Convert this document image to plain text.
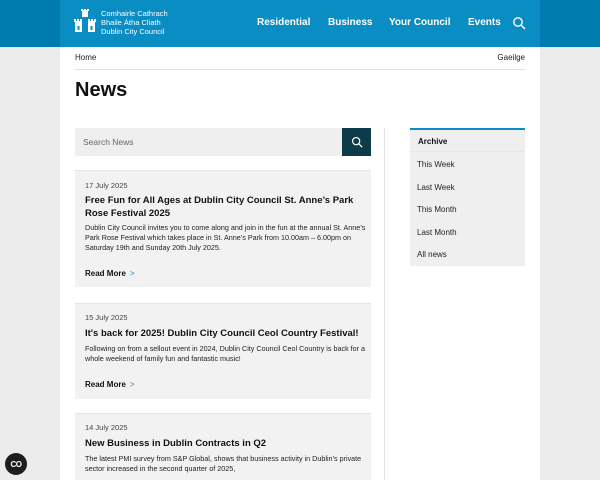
Comhairle Cathrach
Bhaile Átha Cliath
Dublin City Council
Residential Business Your Council Events
Home	Gaeilge
News
Search News
17 July 2025
Free Fun for All Ages at Dublin City Council St. Anne’s Park Rose Festival 2025
Dublin City Council invites you to come along and join in the fun at the annual St. Anne’s Park Rose Festival which takes place in St. Anne’s Park from 10.00am – 6.00pm on Saturday 19th and Sunday 20th July 2025.
Read More >
15 July 2025
It's back for 2025! Dublin City Council Ceol Country Festival!
Following on from a sellout event in 2024, Dublin City Council Ceol Country is back for a whole weekend of family fun and fantastic music!
Read More >
14 July 2025
New Business in Dublin Contracts in Q2
The latest PMI survey from S&P Global, shows that business activity in Dublin’s private sector increased in the second quarter of 2025,
Archive
This Week
Last Week
This Month
Last Month
All news
CO
